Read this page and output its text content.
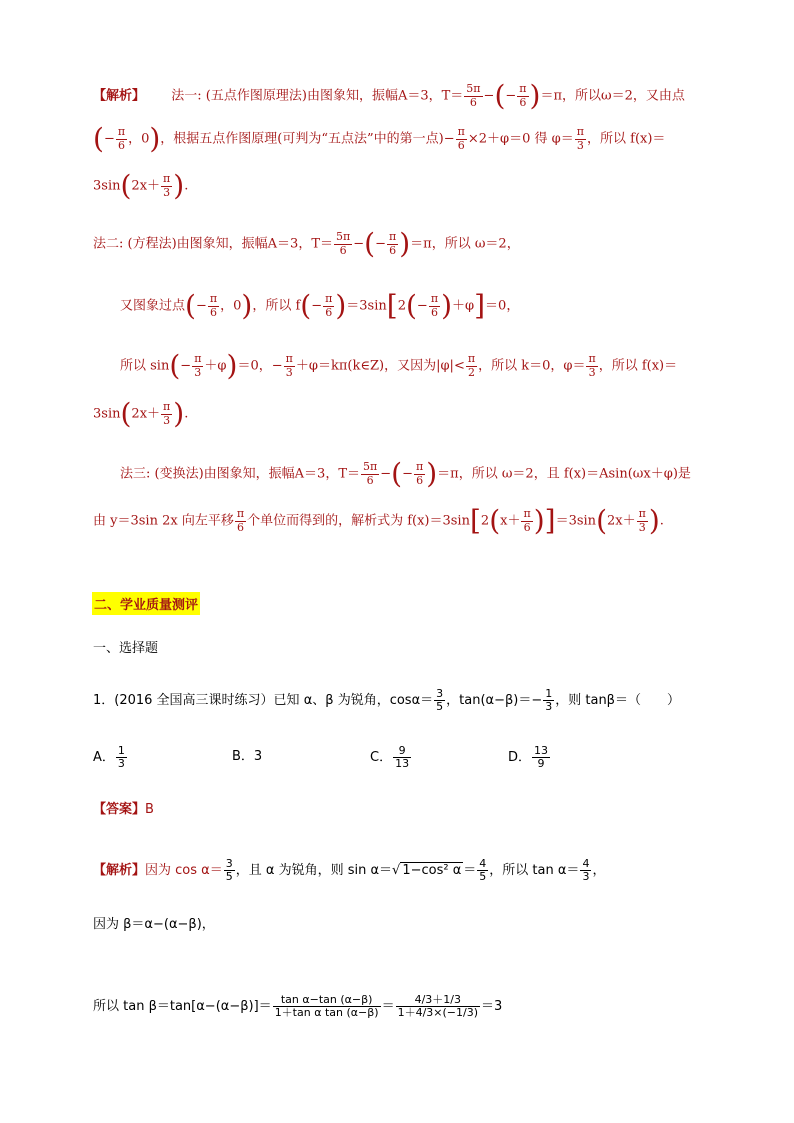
【解析】 法一: (五点作图原理法)由图象知，振幅A＝3，$T= \frac{5\pi}{6}$ −(− $\frac{\pi}{6} )=\pi$，所以ω＝2，又由点
(− $\frac{\pi}{6}$ ，0)，根据五点作图原理(可判为“五点法”中的第一点)− $\frac{\pi}{6} \times 2+\varphi=0$ 得 $\varphi= \frac{\pi}{3}$ ，所以 f(x)＝
$3\sin(2x+ \frac{\pi}{3}$ ).
法二: (方程法)由图象知，振幅A＝3，$T= \frac{5\pi}{6}$ −(− $\frac{\pi}{6} )=\pi$，所以 ω＝2，
又图象过点(− $\frac{\pi}{6}$ ，0)，所以 $f(- \frac{\pi}{6} )=3\sin[2(- \frac{\pi}{6} )+\varphi]=0$，
所以 $\sin(- \frac{\pi}{3} +\varphi)=0$，− $\frac{\pi}{3}$ ＋φ＝kπ(k∈Z)，又因为$|\varphi|< \frac{\pi}{2}$ ，所以 k＝0，$\varphi= \frac{\pi}{3}$ ，所以 f(x)＝
$3\sin(2x+ \frac{\pi}{3}$ ).
法三: (变换法)由图象知，振幅A＝3，$T= \frac{5\pi}{6}$ −(− $\frac{\pi}{6} )=\pi$，所以 ω＝2，且 f(x)＝Asin(ωx＋φ)是
由 y＝3sin 2x 向左平移 $\frac{\pi}{6}$ 个单位而得到的，解析式为 $f(x)=3\sin[2(x+ \frac{\pi}{6} )]=3\sin(2x+ \frac{\pi}{3}$ ).
二、学业质量测评
一、选择题
1．(2016 全国高三课时练习）已知 α、β 为锐角，$\cos\alpha= \frac{3}{5}$ ，$\tan(\alpha-\beta)=- \frac{1}{3}$ ，则 tanβ＝（　　）
A． $\frac{1}{3}$	B．3	C． $\frac{9}{13}$	D． $\frac{13}{9}$
【答案】B
【解析】因为 $\cos \alpha= \frac{3}{5}$ ，且 α 为锐角，则 sin α＝√ 1−cos² $\alpha = \frac{4}{5}$ ，所以 $\tan \alpha= \frac{4}{3}$ ，
因为 β＝α−(α−β)，
所以 $\tan \beta=\tan[\alpha-(\alpha-\beta)]= \frac{\text{tan α−tan (α−β)}}{\text{1＋tan α tan (α−β)}} = \frac{4/3+1/3}{1+4/3\times(-1/3)} =3$
